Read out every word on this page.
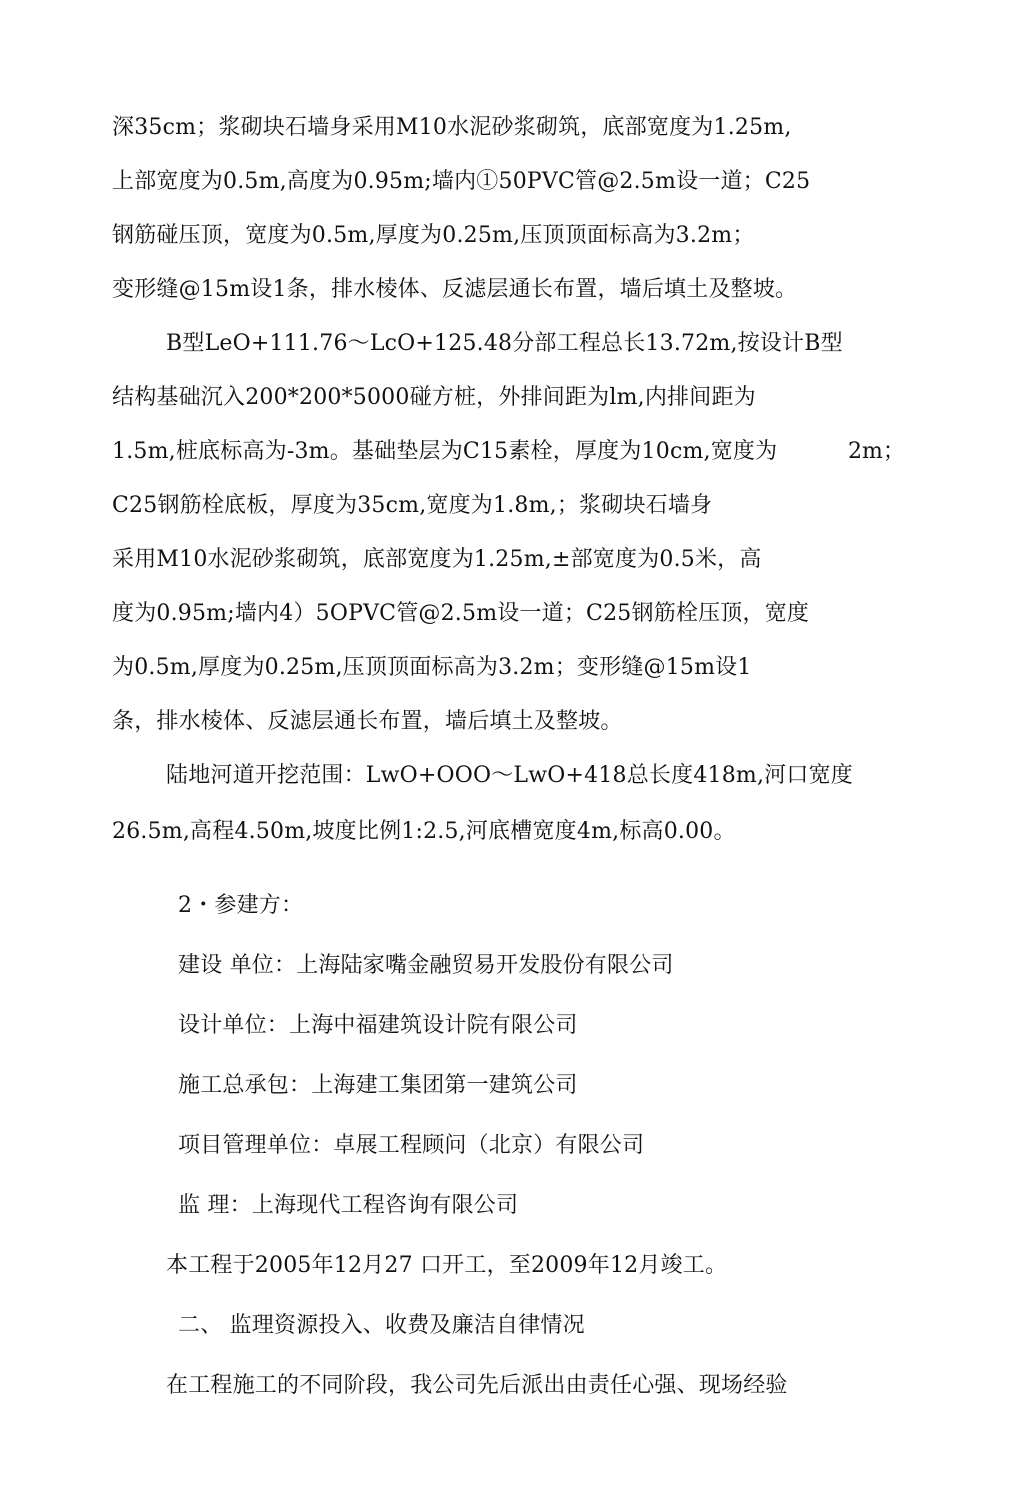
深35cm；浆砌块石墙身采用M10水泥砂浆砌筑，底部宽度为1.25m,
上部宽度为0.5m,高度为0.95m;墙内①50PVC管@2.5m设一道；C25
钢筋碰压顶，宽度为0.5m,厚度为0.25m,压顶顶面标高为3.2m；
变形缝@15m设1条，排水棱体、反滤层通长布置，墙后填土及整坡。
B型LeO+111.76～LcO+125.48分部工程总长13.72m,按设计B型
结构基础沉入200*200*5000碰方桩，外排间距为lm,内排间距为
1.5m,桩底标高为-3m。基础垫层为C15素栓，厚度为10cm,宽度为	2m；
C25钢筋栓底板，厚度为35cm,宽度为1.8m,；浆砌块石墙身
采用M10水泥砂浆砌筑，底部宽度为1.25m,±部宽度为0.5米，高
度为0.95m;墙内4）5OPVC管@2.5m设一道；C25钢筋栓压顶，宽度
为0.5m,厚度为0.25m,压顶顶面标高为3.2m；变形缝@15m设1
条，排水棱体、反滤层通长布置，墙后填土及整坡。
陆地河道开挖范围：LwO+OOO～LwO+418总长度418m,河口宽度
26.5m,高程4.50m,坡度比例1:2.5,河底槽宽度4m,标高0.00。
2・参建方：
建设 单位：上海陆家嘴金融贸易开发股份有限公司
设计单位：上海中福建筑设计院有限公司
施工总承包：上海建工集团第一建筑公司
项目管理单位：卓展工程顾问（北京）有限公司
监 理：上海现代工程咨询有限公司
本工程于2005年12月27 口开工，至2009年12月竣工。
二、 监理资源投入、收费及廉洁自律情况
在工程施工的不同阶段，我公司先后派出由责任心强、现场经验
